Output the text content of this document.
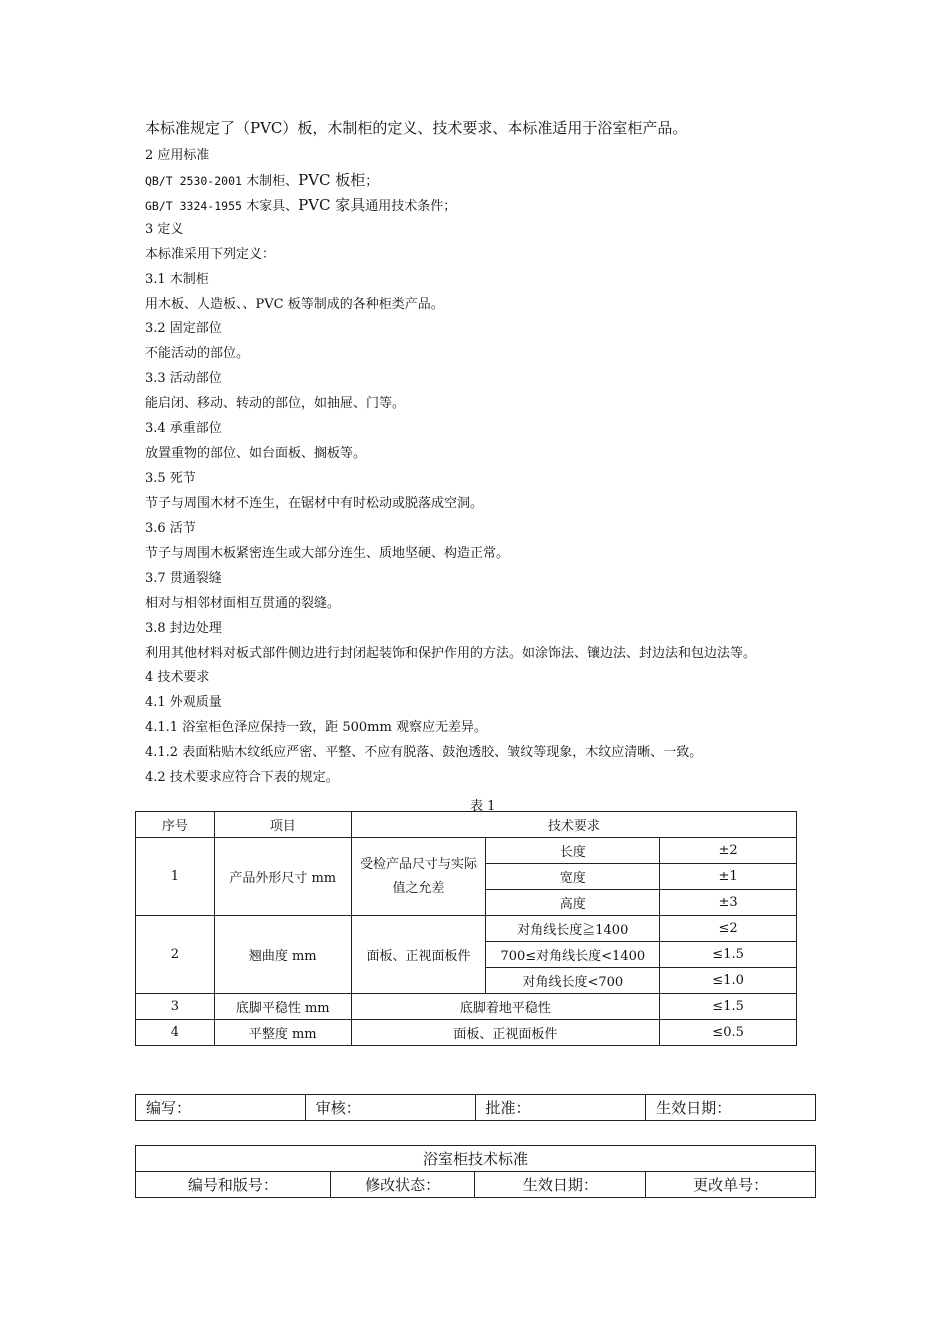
本标准规定了（PVC）板，木制柜的定义、技术要求、本标准适用于浴室柜产品。
2 应用标准
QB/T 2530-2001 木制柜、PVC 板柜；
GB/T 3324-1955 木家具、PVC 家具通用技术条件；
3 定义
本标准采用下列定义：
3.1 木制柜
用木板、人造板、、PVC 板等制成的各种柜类产品。
3.2 固定部位
不能活动的部位。
3.3 活动部位
能启闭、移动、转动的部位，如抽屉、门等。
3.4 承重部位
放置重物的部位、如台面板、搁板等。
3.5 死节
节子与周围木材不连生，在锯材中有时松动或脱落成空洞。
3.6 活节
节子与周围木板紧密连生或大部分连生、质地坚硬、构造正常。
3.7 贯通裂缝
相对与相邻材面相互贯通的裂缝。
3.8 封边处理
利用其他材料对板式部件侧边进行封闭起装饰和保护作用的方法。如涂饰法、镶边法、封边法和包边法等。
4 技术要求
4.1 外观质量
4.1.1 浴室柜色泽应保持一致，距 500mm 观察应无差异。
4.1.2 表面粘贴木纹纸应严密、平整、不应有脱落、鼓泡透胶、皱纹等现象，木纹应清晰、一致。
4.2 技术要求应符合下表的规定。
表 1
序号	项目	技术要求		
1	产品外形尺寸 mm	受检产品尺寸与实际值之允差	长度	±2
			宽度	±1
			高度	±3
2	翘曲度 mm	面板、正视面板件	对角线长度≧1400	≤2
			700≤对角线长度<1400	≤1.5
			对角线长度<700	≤1.0
3	底脚平稳性 mm	底脚着地平稳性		≤1.5
4	平整度 mm	面板、正视面板件		≤0.5
编写：	审核：	批准：	生效日期：
浴室柜技术标准
编号和版号：	修改状态：	生效日期：	更改单号：
